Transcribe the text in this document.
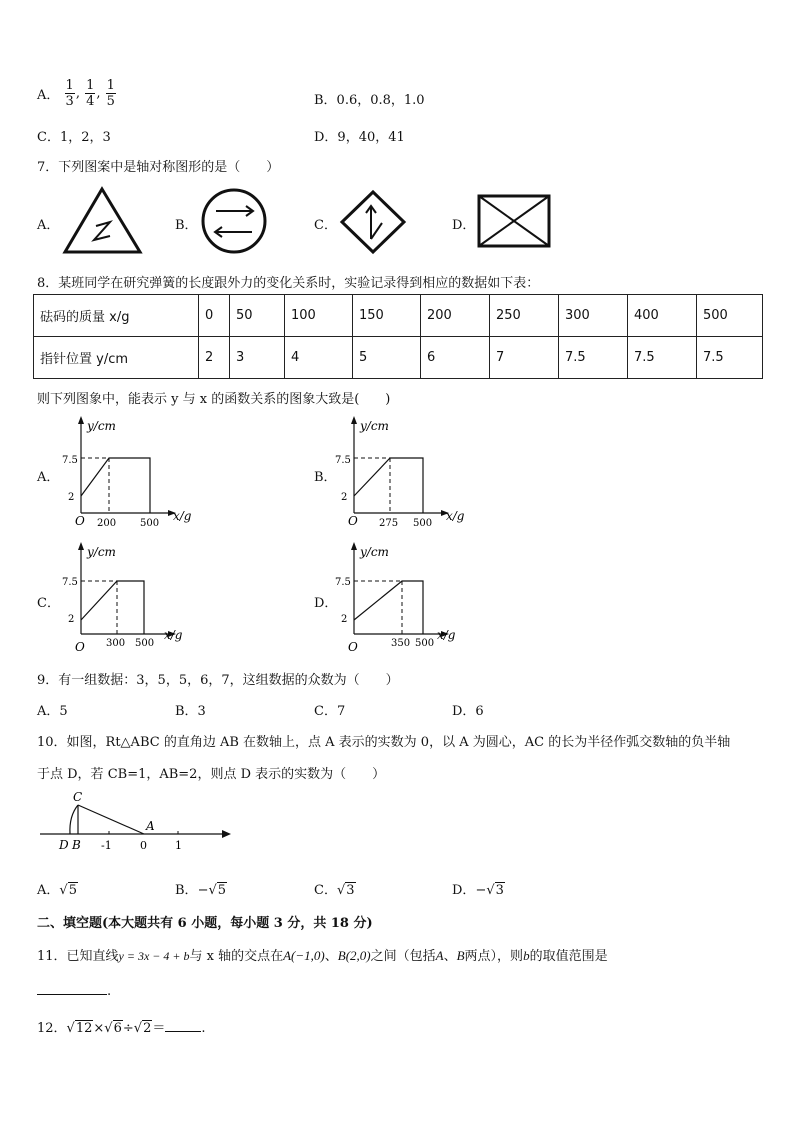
A． $\frac{1}{3}$ , $\frac{1}{4}$ , $\frac{1}{5}$	B．0.6，0.8，1.0
C．1，2，3	D．9，40，41
7．下列图案中是轴对称图形的是（　　）
A．	B．	C．	D．
8．某班同学在研究弹簧的长度跟外力的变化关系时，实验记录得到相应的数据如下表：
砝码的质量 x/g	0	50	100	150	200	250	300	400	500
指针位置 y/cm	2	3	4	5	6	7	7.5	7.5	7.5
则下列图象中，能表示 y 与 x 的函数关系的图象大致是(　　)
A．	B．
C．	D．
y/cm
x/g
O
7.5
2
200 500
y/cm
x/g
O
7.5
2
275 500
y/cm
x/g
O
7.5
2
300 500
y/cm
x/g
O
7.5
2
350 500
9．有一组数据：3，5，5，6，7，这组数据的众数为（　　）
A．5	B．3	C．7	D．6
10．如图，Rt△ABC 的直角边 AB 在数轴上，点 A 表示的实数为 0，以 A 为圆心，AC 的长为半径作弧交数轴的负半轴
于点 D，若 CB=1，AB=2，则点 D 表示的实数为（　　）
C
A
D B -1	0	1
A．√5	B．−√5	C．√3	D．−√3
二、填空题(本大题共有 6 小题，每小题 3 分，共 18 分)
11．已知直线y = 3x − 4 + b与 x 轴的交点在A(−1,0)、B(2,0)之间（包括A、B两点），则b的取值范围是
.
12．√12×√6÷√2＝	.
